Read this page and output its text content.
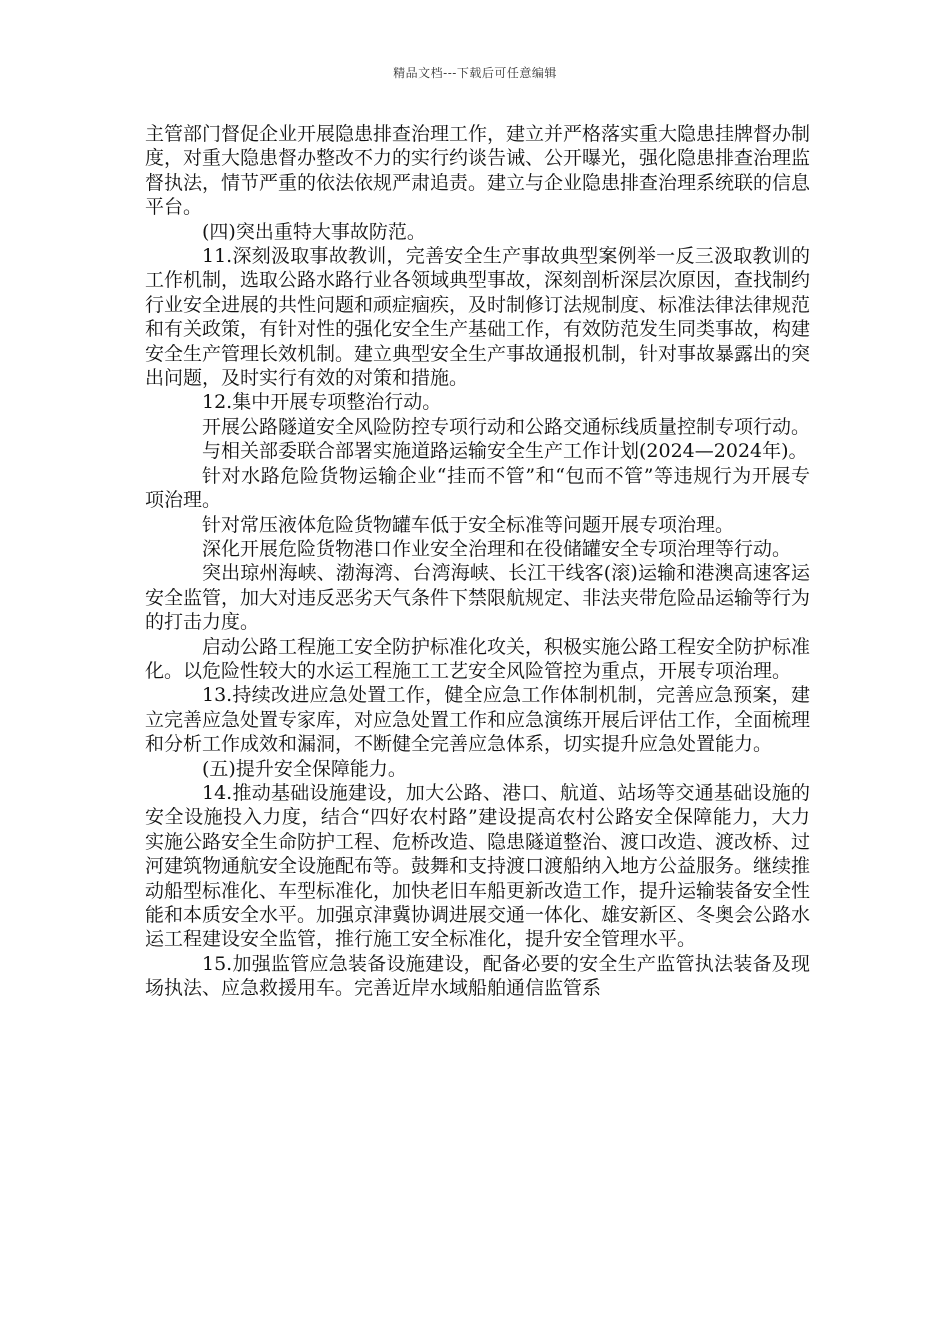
精品文档---下载后可任意编辑

主管部门督促企业开展隐患排查治理工作，建立并严格落实重大隐患挂牌督办制度，对重大隐患督办整改不力的实行约谈告诫、公开曝光，强化隐患排查治理监督执法，情节严重的依法依规严肃追责。建立与企业隐患排查治理系统联的信息平台。

(四)突出重特大事故防范。

11.深刻汲取事故教训，完善安全生产事故典型案例举一反三汲取教训的工作机制，选取公路水路行业各领域典型事故，深刻剖析深层次原因，查找制约行业安全进展的共性问题和顽症痼疾，及时制修订法规制度、标准法律法律规范和有关政策，有针对性的强化安全生产基础工作，有效防范发生同类事故，构建安全生产管理长效机制。建立典型安全生产事故通报机制，针对事故暴露出的突出问题，及时实行有效的对策和措施。

12.集中开展专项整治行动。

开展公路隧道安全风险防控专项行动和公路交通标线质量控制专项行动。

与相关部委联合部署实施道路运输安全生产工作计划(2024—2024年)。

针对水路危险货物运输企业“挂而不管”和“包而不管”等违规行为开展专项治理。

针对常压液体危险货物罐车低于安全标准等问题开展专项治理。

深化开展危险货物港口作业安全治理和在役储罐安全专项治理等行动。

突出琼州海峡、渤海湾、台湾海峡、长江干线客(滚)运输和港澳高速客运安全监管，加大对违反恶劣天气条件下禁限航规定、非法夹带危险品运输等行为的打击力度。

启动公路工程施工安全防护标准化攻关，积极实施公路工程安全防护标准化。以危险性较大的水运工程施工工艺安全风险管控为重点，开展专项治理。

13.持续改进应急处置工作，健全应急工作体制机制，完善应急预案，建立完善应急处置专家库，对应急处置工作和应急演练开展后评估工作，全面梳理和分析工作成效和漏洞，不断健全完善应急体系，切实提升应急处置能力。

(五)提升安全保障能力。

14.推动基础设施建设，加大公路、港口、航道、站场等交通基础设施的安全设施投入力度，结合“四好农村路”建设提高农村公路安全保障能力，大力实施公路安全生命防护工程、危桥改造、隐患隧道整治、渡口改造、渡改桥、过河建筑物通航安全设施配布等。鼓舞和支持渡口渡船纳入地方公益服务。继续推动船型标准化、车型标准化，加快老旧车船更新改造工作，提升运输装备安全性能和本质安全水平。加强京津冀协调进展交通一体化、雄安新区、冬奥会公路水运工程建设安全监管，推行施工安全标准化，提升安全管理水平。

15.加强监管应急装备设施建设，配备必要的安全生产监管执法装备及现场执法、应急救援用车。完善近岸水域船舶通信监管系
